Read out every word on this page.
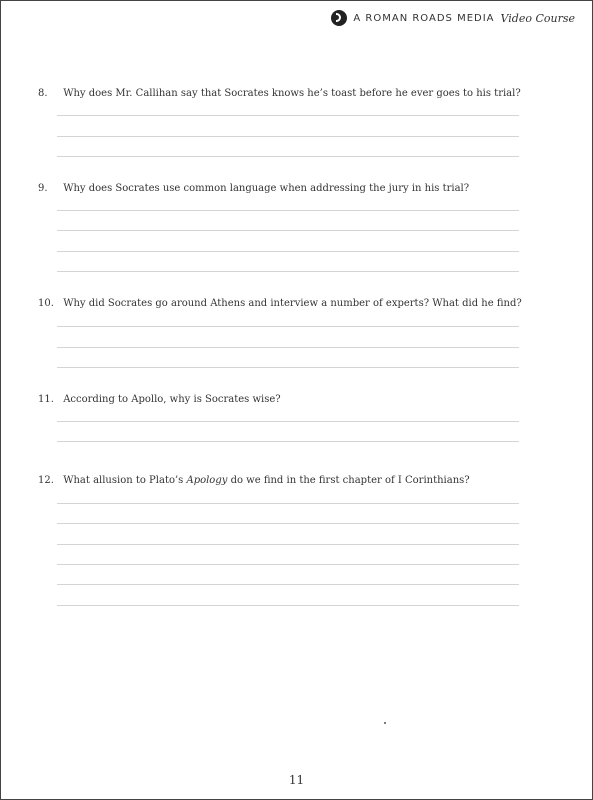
A ROMAN ROADS MEDIA Video Course
8. Why does Mr. Callihan say that Socrates knows he’s toast before he ever goes to his trial?
9. Why does Socrates use common language when addressing the jury in his trial?
10. Why did Socrates go around Athens and interview a number of experts? What did he find?
11. According to Apollo, why is Socrates wise?
12. What allusion to Plato’s Apology do we find in the first chapter of I Corinthians?
11
